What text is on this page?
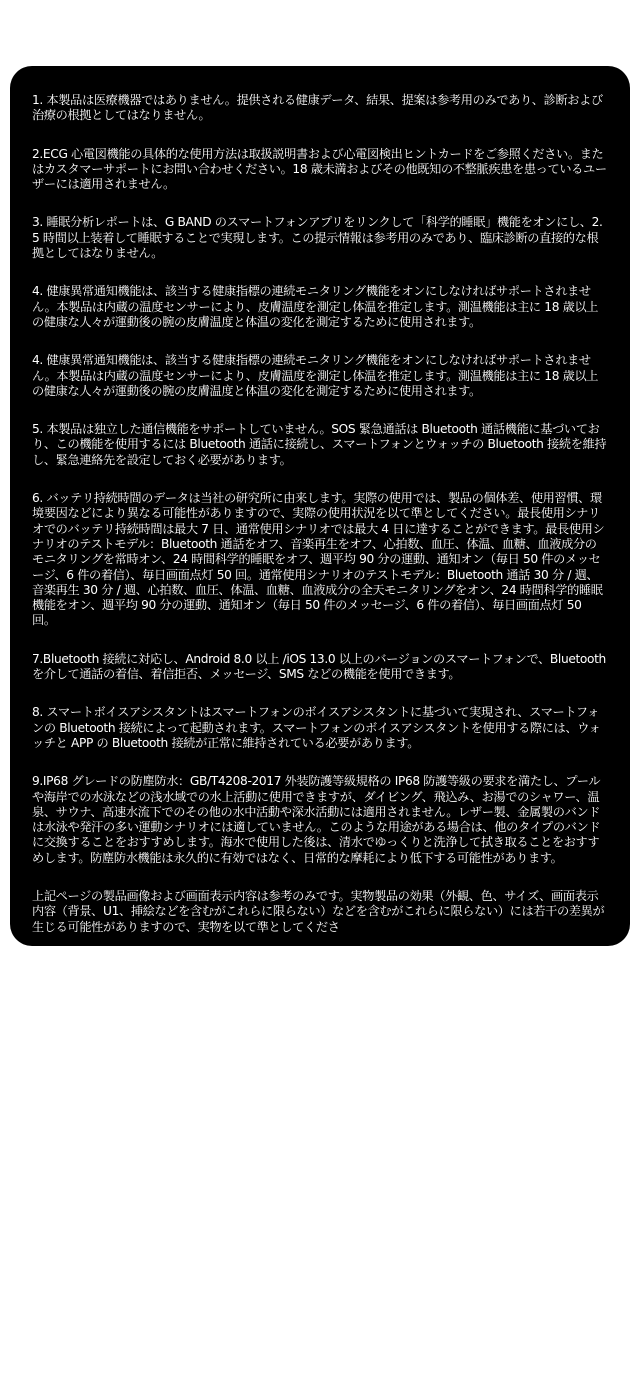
1. 本製品は医療機器ではありません。提供される健康データ、結果、提案は参考用のみであり、診断および治療の根拠としてはなりません。

2.ECG 心電図機能の具体的な使用方法は取扱説明書および心電図検出ヒントカードをご参照ください。またはカスタマーサポートにお問い合わせください。18 歳未満およびその他既知の不整脈疾患を患っているユーザーには適用されません。

3. 睡眠分析レポートは、G BAND のスマートフォンアプリをリンクして「科学的睡眠」機能をオンにし、2.5 時間以上装着して睡眠することで実現します。この提示情報は参考用のみであり、臨床診断の直接的な根拠としてはなりません。

4. 健康異常通知機能は、該当する健康指標の連続モニタリング機能をオンにしなければサポートされません。本製品は内蔵の温度センサーにより、皮膚温度を測定し体温を推定します。測温機能は主に 18 歳以上の健康な人々が運動後の腕の皮膚温度と体温の変化を測定するために使用されます。

4. 健康異常通知機能は、該当する健康指標の連続モニタリング機能をオンにしなければサポートされません。本製品は内蔵の温度センサーにより、皮膚温度を測定し体温を推定します。測温機能は主に 18 歳以上の健康な人々が運動後の腕の皮膚温度と体温の変化を測定するために使用されます。

5. 本製品は独立した通信機能をサポートしていません。SOS 緊急通話は Bluetooth 通話機能に基づいており、この機能を使用するには Bluetooth 通話に接続し、スマートフォンとウォッチの Bluetooth 接続を維持し、緊急連絡先を設定しておく必要があります。

6. バッテリ持続時間のデータは当社の研究所に由来します。実際の使用では、製品の個体差、使用習慣、環境要因などにより異なる可能性がありますので、実際の使用状況を以て準としてください。最長使用シナリオでのバッテリ持続時間は最大 7 日、通常使用シナリオでは最大 4 日に達することができます。最長使用シナリオのテストモデル：Bluetooth 通話をオフ、音楽再生をオフ、心拍数、血圧、体温、血糖、血液成分のモニタリングを常時オン、24 時間科学的睡眠をオフ、週平均 90 分の運動、通知オン（毎日 50 件のメッセージ、6 件の着信）、毎日画面点灯 50 回。通常使用シナリオのテストモデル：Bluetooth 通話 30 分 / 週、音楽再生 30 分 / 週、心拍数、血圧、体温、血糖、血液成分の全天モニタリングをオン、24 時間科学的睡眠機能をオン、週平均 90 分の運動、通知オン（毎日 50 件のメッセージ、6 件の着信）、毎日画面点灯 50 回。

7.Bluetooth 接続に対応し、Android 8.0 以上 /iOS 13.0 以上のバージョンのスマートフォンで、Bluetooth を介して通話の着信、着信拒否、メッセージ、SMS などの機能を使用できます。

8. スマートボイスアシスタントはスマートフォンのボイスアシスタントに基づいて実現され、スマートフォンの Bluetooth 接続によって起動されます。スマートフォンのボイスアシスタントを使用する際には、ウォッチと APP の Bluetooth 接続が正常に維持されている必要があります。

9.IP68 グレードの防塵防水：GB/T4208-2017 外装防護等級規格の IP68 防護等級の要求を満たし、プールや海岸での水泳などの浅水域での水上活動に使用できますが、ダイビング、飛込み、お湯でのシャワー、温泉、サウナ、高速水流下でのその他の水中活動や深水活動には適用されません。レザー製、金属製のバンドは水泳や発汗の多い運動シナリオには適していません。このような用途がある場合は、他のタイプのバンドに交換することをおすすめします。海水で使用した後は、清水でゆっくりと洗浄して拭き取ることをおすすめします。防塵防水機能は永久的に有効ではなく、日常的な摩耗により低下する可能性があります。

上記ページの製品画像および画面表示内容は参考のみです。実物製品の効果（外観、色、サイズ、画面表示内容（背景、U1、挿絵などを含むがこれらに限らない）などを含むがこれらに限らない）には若干の差異が生じる可能性がありますので、実物を以て準としてくださ

上記ページのデータは理論値であり、いずれも当社内部の研究所において特定のテスト環境下で得られたものです（各項目の具体的な説明をご参照ください）。実際の使用では、製品の個体差、ソフトウェアバージョン、使用条件、環境要因などにより若干の差異が生じる可能性がありますので、実際の使用状況を以て準としてください

できる限り正確な製品情報、仕様パラメータ、製品特性を提供するため、当社は上記ページの文章表現、画像効果などの内容をリアルタイムで調整・修正することがあり、実際の製品の性能、仕様、指数、部品などの情報と一致させるよう努めます。製品のロットや生産供給要因などがリアルタイムで変化するため、上記の修正・調整が必要な場合、特別な通知は行いません。
